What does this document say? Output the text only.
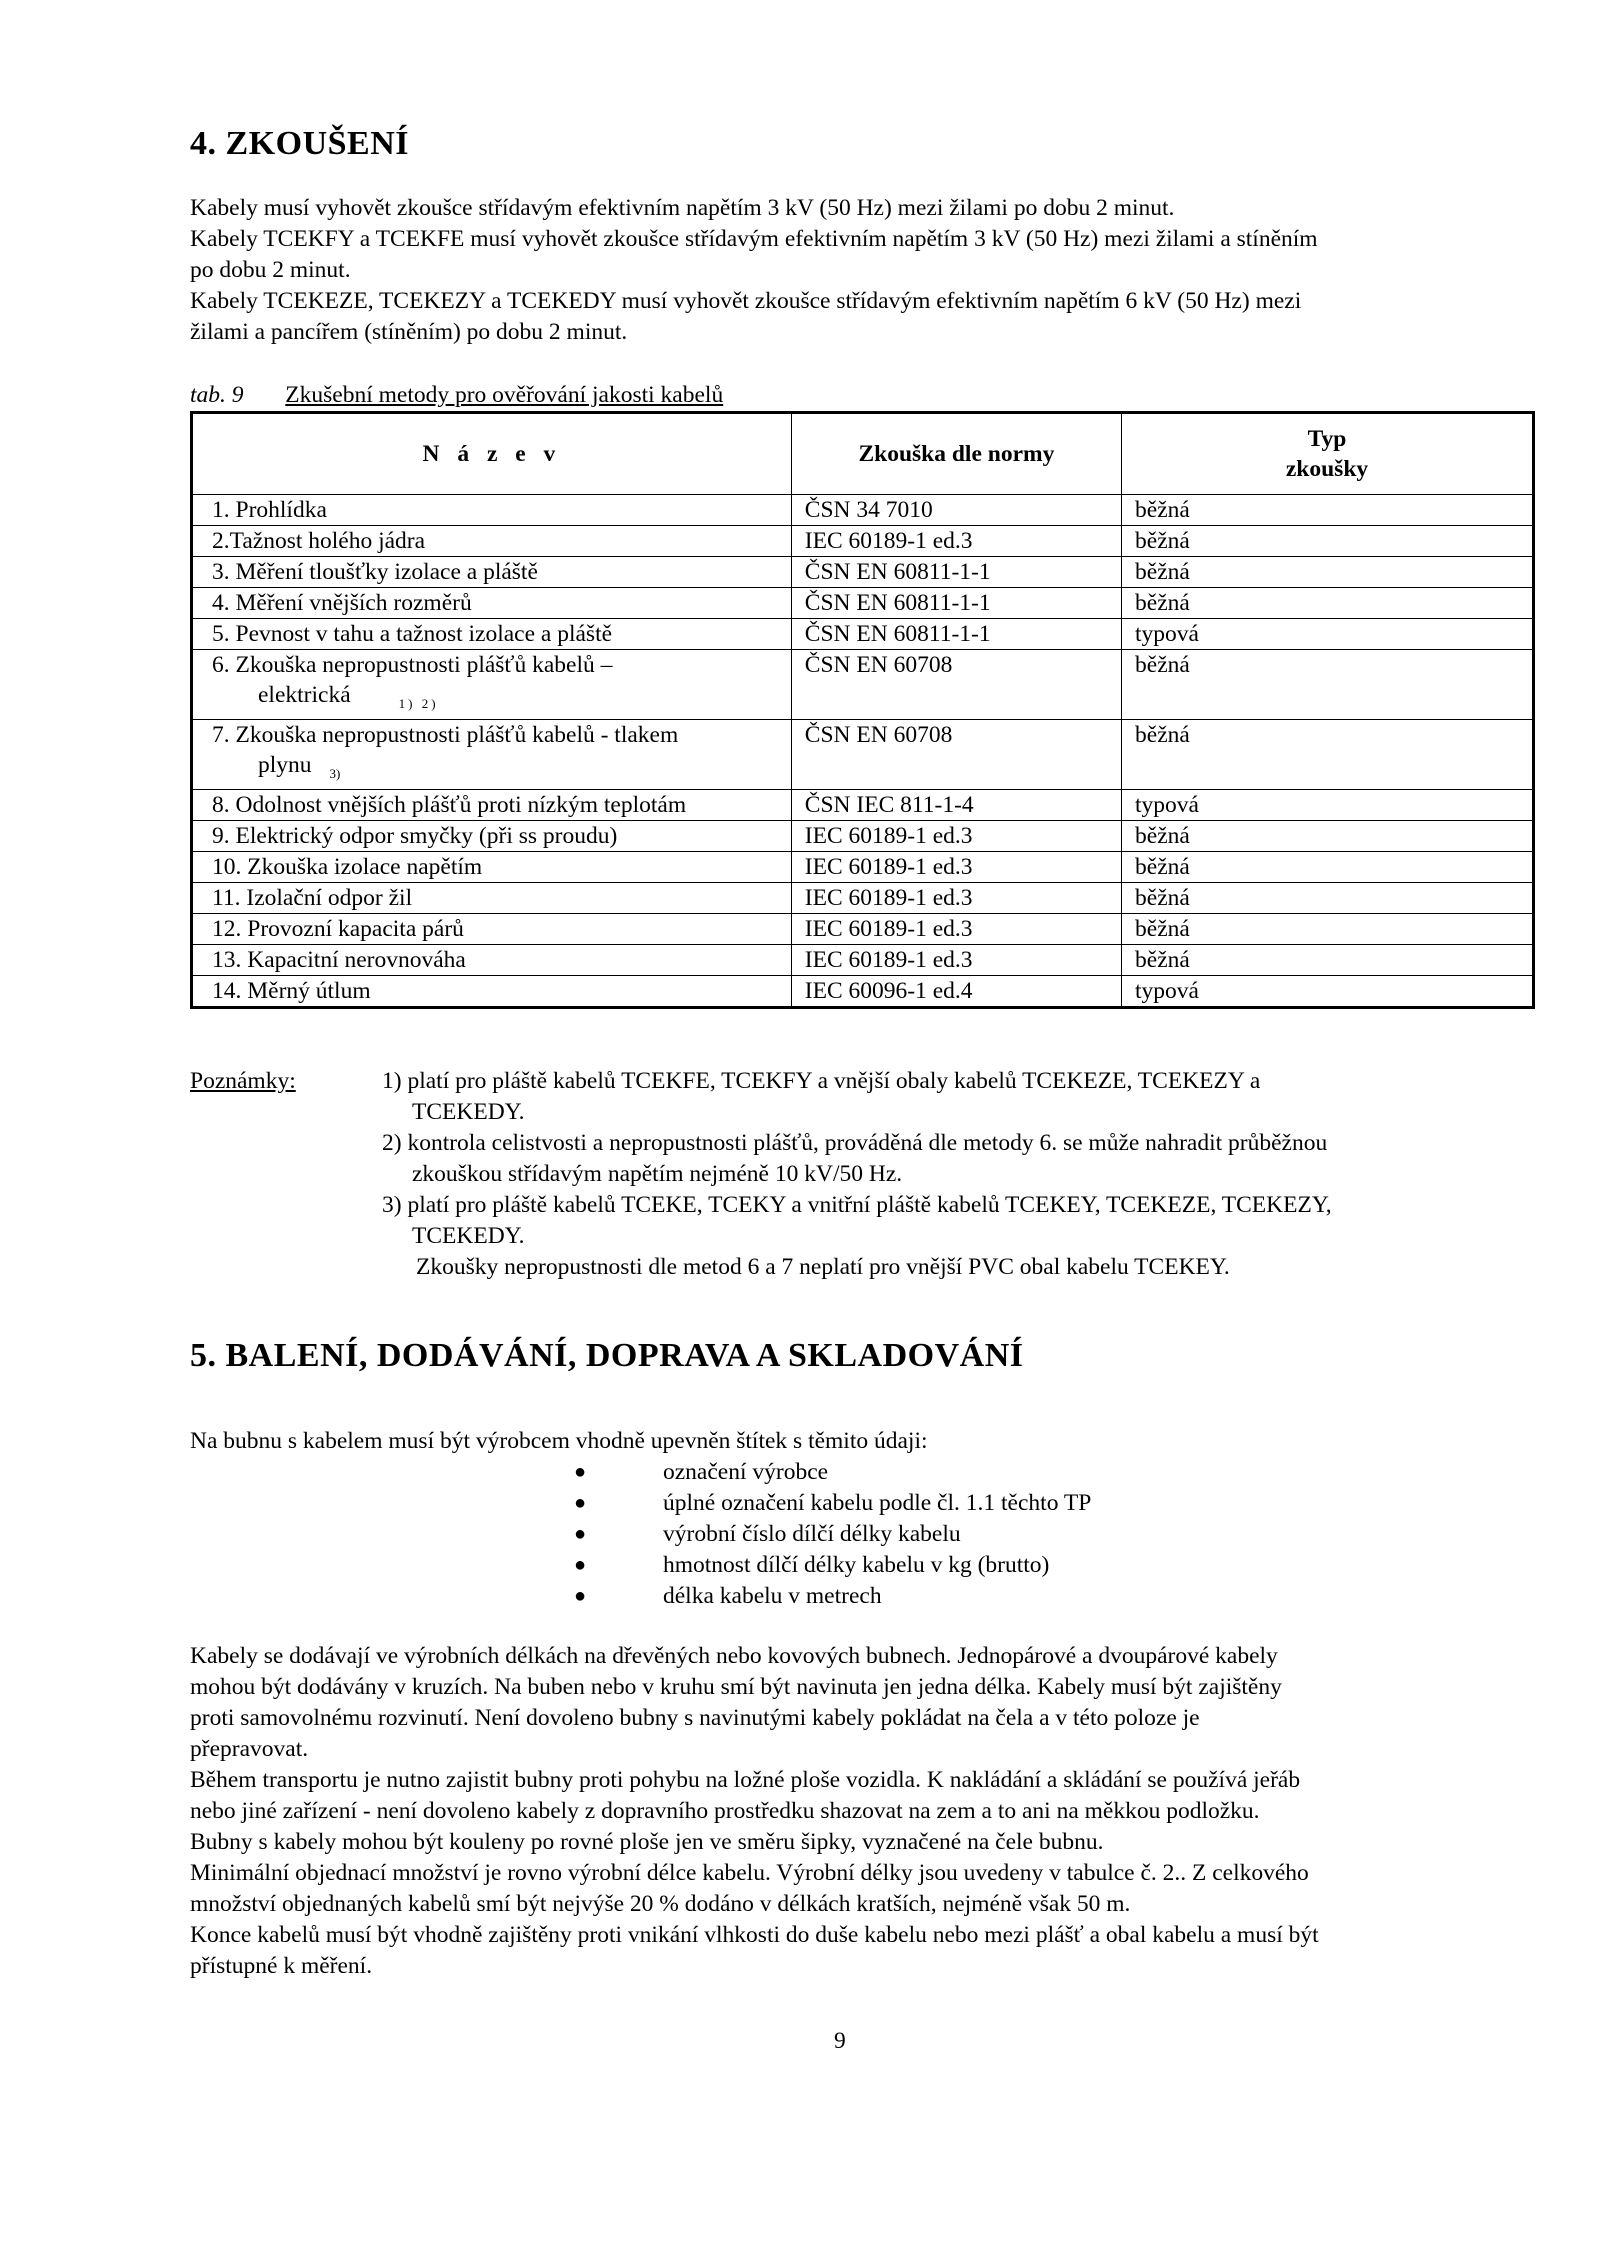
4. ZKOUŠENÍ
Kabely musí vyhovět zkoušce střídavým efektivním napětím 3 kV (50 Hz) mezi žilami po dobu 2 minut.
Kabely TCEKFY a TCEKFE musí vyhovět zkoušce střídavým efektivním napětím 3 kV (50 Hz) mezi žilami a stíněním
po dobu 2 minut.
Kabely TCEKEZE, TCEKEZY a TCEKEDY musí vyhovět zkoušce střídavým efektivním napětím 6 kV (50 Hz) mezi
žilami a pancířem (stíněním) po dobu 2 minut.
tab. 9 Zkušební metody pro ověřování jakosti kabelů
N á z e v	Zkouška dle normy	Typ
zkoušky

1. Prohlídka	ČSN 34 7010	běžná
2.Tažnost holého jádra	IEC 60189-1 ed.3	běžná
3. Měření tloušťky izolace a pláště	ČSN EN 60811-1-1	běžná
4. Měření vnějších rozměrů	ČSN EN 60811-1-1	běžná
5. Pevnost v tahu a tažnost izolace a pláště	ČSN EN 60811-1-1	typová

6. Zkouška nepropustnosti plášťů kabelů –
elektrická $_{1) 2)}$	ČSN EN 60708	běžná

7. Zkouška nepropustnosti plášťů kabelů - tlakem
plynu $_{3)}$	ČSN EN 60708	běžná
8. Odolnost vnějších plášťů proti nízkým teplotám	ČSN IEC 811-1-4	typová
9. Elektrický odpor smyčky (při ss proudu)	IEC 60189-1 ed.3	běžná
10. Zkouška izolace napětím	IEC 60189-1 ed.3	běžná
11. Izolační odpor žil	IEC 60189-1 ed.3	běžná
12. Provozní kapacita párů	IEC 60189-1 ed.3	běžná
13. Kapacitní nerovnováha	IEC 60189-1 ed.3	běžná
14. Měrný útlum	IEC 60096-1 ed.4	typová
Poznámky:	1) platí pro pláště kabelů TCEKFE, TCEKFY a vnější obaly kabelů TCEKEZE, TCEKEZY a
TCEKEDY.
2) kontrola celistvosti a nepropustnosti plášťů, prováděná dle metody 6. se může nahradit průběžnou
zkouškou střídavým napětím nejméně 10 kV/50 Hz.
3) platí pro pláště kabelů TCEKE, TCEKY a vnitřní pláště kabelů TCEKEY, TCEKEZE, TCEKEZY,
TCEKEDY.
Zkoušky nepropustnosti dle metod 6 a 7 neplatí pro vnější PVC obal kabelu TCEKEY.
5. BALENÍ, DODÁVÁNÍ, DOPRAVA A SKLADOVÁNÍ
Na bubnu s kabelem musí být výrobcem vhodně upevněn štítek s těmito údaji:
●	označení výrobce
●	úplné označení kabelu podle čl. 1.1 těchto TP
●	výrobní číslo dílčí délky kabelu
●	hmotnost dílčí délky kabelu v kg (brutto)
●	délka kabelu v metrech
Kabely se dodávají ve výrobních délkách na dřevěných nebo kovových bubnech. Jednopárové a dvoupárové kabely
mohou být dodávány v kruzích. Na buben nebo v kruhu smí být navinuta jen jedna délka. Kabely musí být zajištěny
proti samovolnému rozvinutí. Není dovoleno bubny s navinutými kabely pokládat na čela a v této poloze je
přepravovat.
Během transportu je nutno zajistit bubny proti pohybu na ložné ploše vozidla. K nakládání a skládání se používá jeřáb
nebo jiné zařízení - není dovoleno kabely z dopravního prostředku shazovat na zem a to ani na měkkou podložku.
Bubny s kabely mohou být kouleny po rovné ploše jen ve směru šipky, vyznačené na čele bubnu.
Minimální objednací množství je rovno výrobní délce kabelu. Výrobní délky jsou uvedeny v tabulce č. 2.. Z celkového
množství objednaných kabelů smí být nejvýše 20 % dodáno v délkách kratších, nejméně však 50 m.
Konce kabelů musí být vhodně zajištěny proti vnikání vlhkosti do duše kabelu nebo mezi plášť a obal kabelu a musí být
přístupné k měření.
9
